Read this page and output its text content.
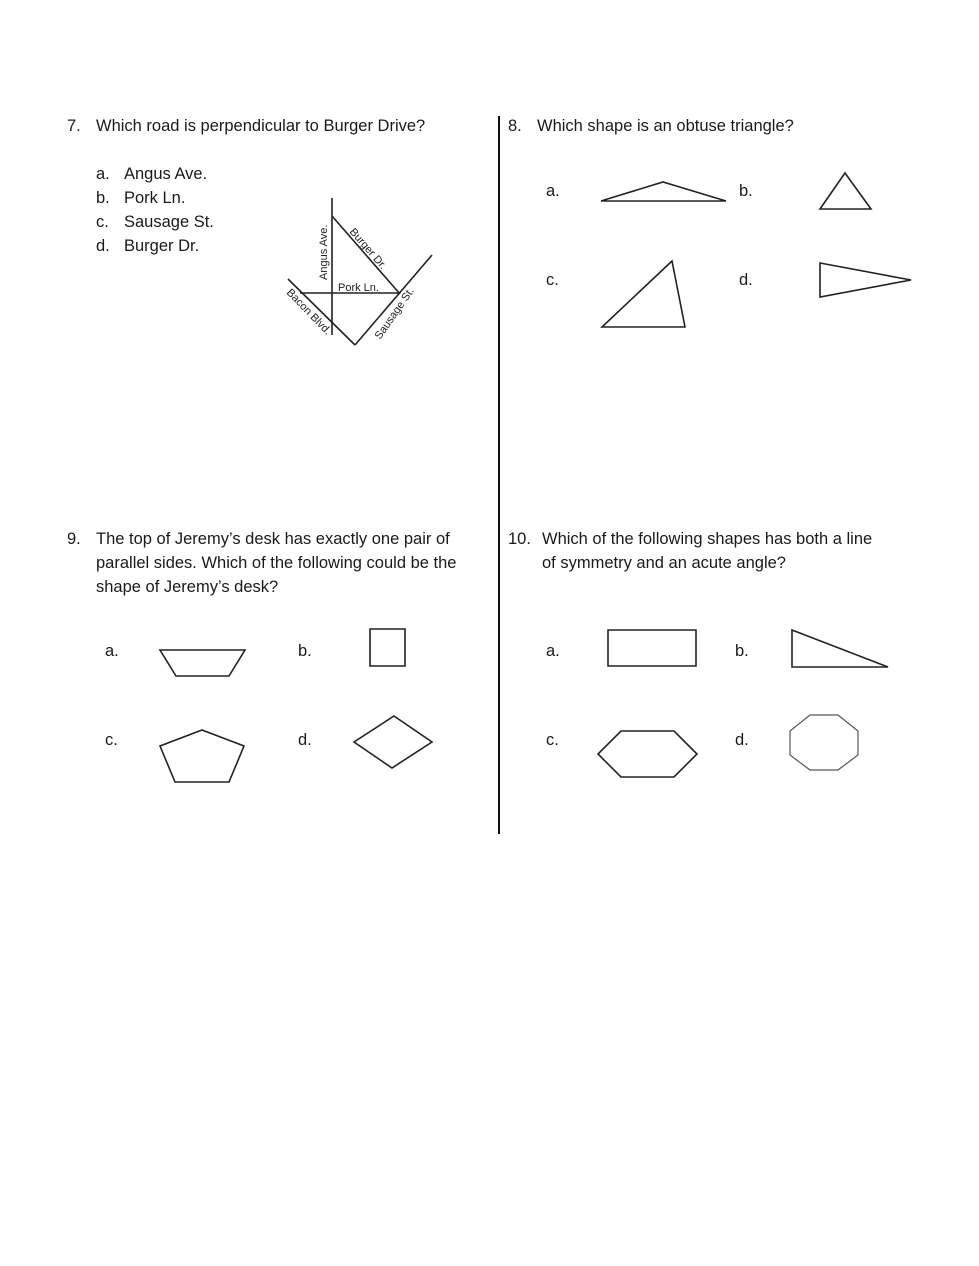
7. Which road is perpendicular to Burger Drive?
a. Angus Ave.
b. Pork Ln.
c. Sausage St.
d. Burger Dr.	Angus Ave. Burger Dr.
Pork Ln.
Bacon Blvd.	Sausage St.
8. Which shape is an obtuse triangle?
a.	b.
c.	d.
9. The top of Jeremy’s desk has exactly one pair of
parallel sides. Which of the following could be the
shape of Jeremy’s desk?
a.	b.
c.	d.
10. Which of the following shapes has both a line
of symmetry and an acute angle?
a.	b.
c.	d.
